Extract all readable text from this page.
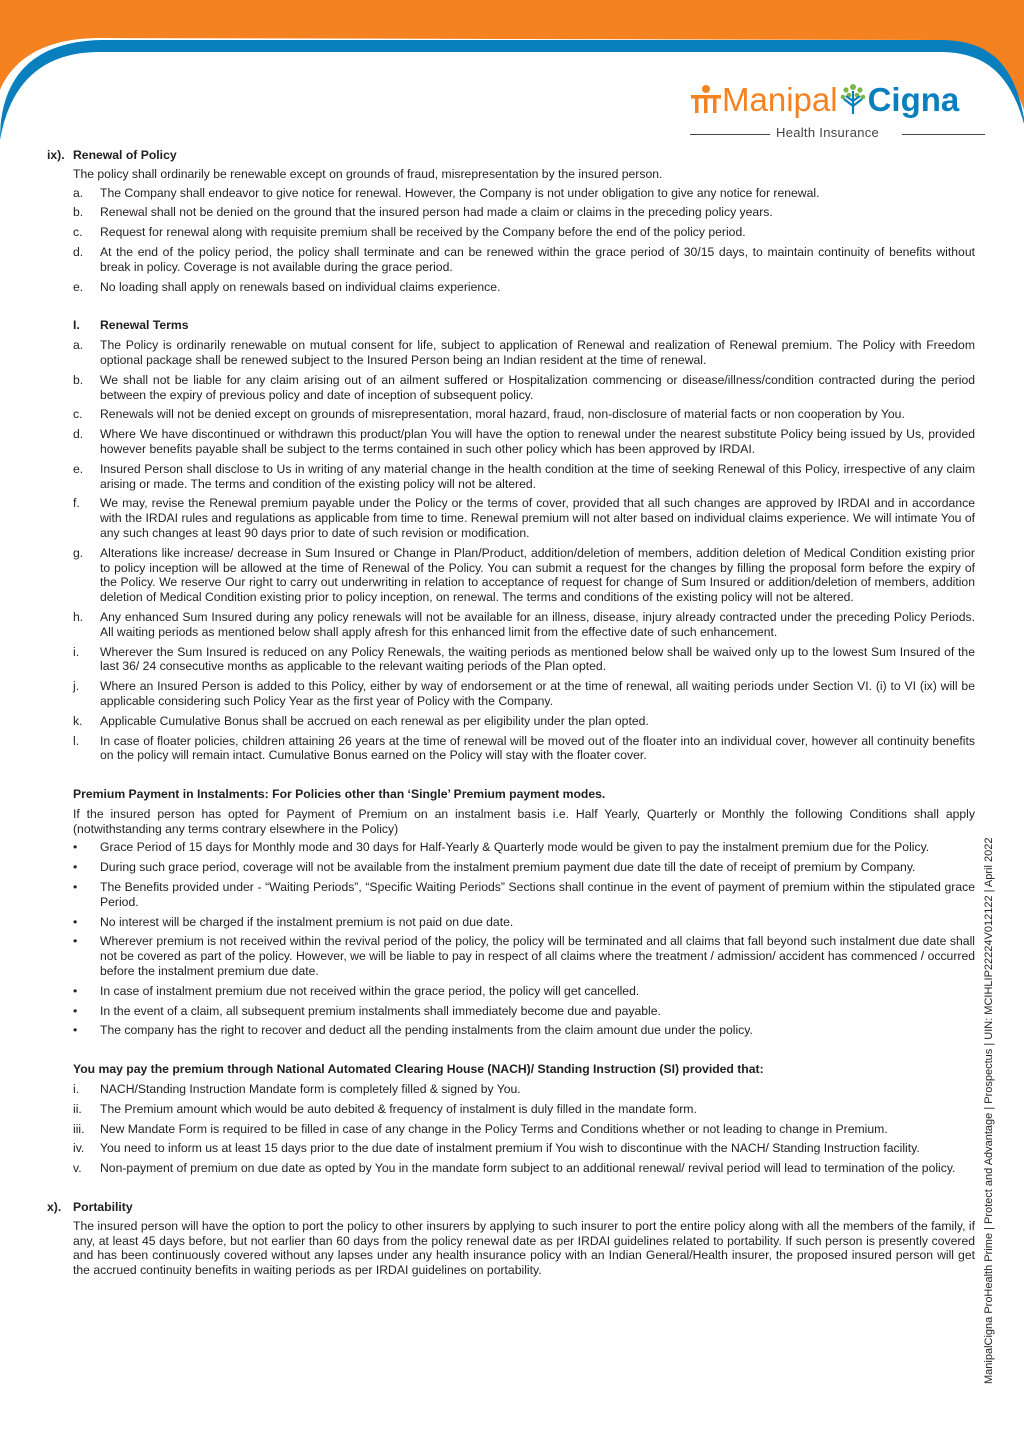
Manipal Cigna
Health Insurance
ix). Renewal of Policy
The policy shall ordinarily be renewable except on grounds of fraud, misrepresentation by the insured person.
a.	The Company shall endeavor to give notice for renewal. However, the Company is not under obligation to give any notice for renewal.
b.	Renewal shall not be denied on the ground that the insured person had made a claim or claims in the preceding policy years.
c.	Request for renewal along with requisite premium shall be received by the Company before the end of the policy period.
d.	At the end of the policy period, the policy shall terminate and can be renewed within the grace period of 30/15 days, to maintain continuity of benefits without break in policy. Coverage is not available during the grace period.
e.	No loading shall apply on renewals based on individual claims experience.
I.	Renewal Terms
a.	The Policy is ordinarily renewable on mutual consent for life, subject to application of Renewal and realization of Renewal premium. The Policy with Freedom optional package shall be renewed subject to the Insured Person being an Indian resident at the time of renewal.
b.	We shall not be liable for any claim arising out of an ailment suffered or Hospitalization commencing or disease/illness/condition contracted during the period between the expiry of previous policy and date of inception of subsequent policy.
c.	Renewals will not be denied except on grounds of misrepresentation, moral hazard, fraud, non-disclosure of material facts or non cooperation by You.
d.	Where We have discontinued or withdrawn this product/plan You will have the option to renewal under the nearest substitute Policy being issued by Us, provided however benefits payable shall be subject to the terms contained in such other policy which has been approved by IRDAI.
e.	Insured Person shall disclose to Us in writing of any material change in the health condition at the time of seeking Renewal of this Policy, irrespective of any claim arising or made. The terms and condition of the existing policy will not be altered.
f.	We may, revise the Renewal premium payable under the Policy or the terms of cover, provided that all such changes are approved by IRDAI and in accordance with the IRDAI rules and regulations as applicable from time to time. Renewal premium will not alter based on individual claims experience. We will intimate You of any such changes at least 90 days prior to date of such revision or modification.
g.	Alterations like increase/ decrease in Sum Insured or Change in Plan/Product, addition/deletion of members, addition deletion of Medical Condition existing prior to policy inception will be allowed at the time of Renewal of the Policy. You can submit a request for the changes by filling the proposal form before the expiry of the Policy. We reserve Our right to carry out underwriting in relation to acceptance of request for change of Sum Insured or addition/deletion of members, addition deletion of Medical Condition existing prior to policy inception, on renewal. The terms and conditions of the existing policy will not be altered.
h.	Any enhanced Sum Insured during any policy renewals will not be available for an illness, disease, injury already contracted under the preceding Policy Periods. All waiting periods as mentioned below shall apply afresh for this enhanced limit from the effective date of such enhancement.
i.	Wherever the Sum Insured is reduced on any Policy Renewals, the waiting periods as mentioned below shall be waived only up to the lowest Sum Insured of the last 36/ 24 consecutive months as applicable to the relevant waiting periods of the Plan opted.
j.	Where an Insured Person is added to this Policy, either by way of endorsement or at the time of renewal, all waiting periods under Section VI. (i) to VI (ix) will be applicable considering such Policy Year as the first year of Policy with the Company.
k.	Applicable Cumulative Bonus shall be accrued on each renewal as per eligibility under the plan opted.
l.	In case of floater policies, children attaining 26 years at the time of renewal will be moved out of the floater into an individual cover, however all continuity benefits on the policy will remain intact. Cumulative Bonus earned on the Policy will stay with the floater cover.
Premium Payment in Instalments: For Policies other than ‘Single’ Premium payment modes.
If the insured person has opted for Payment of Premium on an instalment basis i.e. Half Yearly, Quarterly or Monthly the following Conditions shall apply (notwithstanding any terms contrary elsewhere in the Policy)
•	Grace Period of 15 days for Monthly mode and 30 days for Half-Yearly & Quarterly mode would be given to pay the instalment premium due for the Policy.
•	During such grace period, coverage will not be available from the instalment premium payment due date till the date of receipt of premium by Company.
•	The Benefits provided under - “Waiting Periods”, “Specific Waiting Periods” Sections shall continue in the event of payment of premium within the stipulated grace Period.
•	No interest will be charged if the instalment premium is not paid on due date.
•	Wherever premium is not received within the revival period of the policy, the policy will be terminated and all claims that fall beyond such instalment due date shall not be covered as part of the policy. However, we will be liable to pay in respect of all claims where the treatment / admission/ accident has commenced / occurred before the instalment premium due date.
•	In case of instalment premium due not received within the grace period, the policy will get cancelled.
•	In the event of a claim, all subsequent premium instalments shall immediately become due and payable.
•	The company has the right to recover and deduct all the pending instalments from the claim amount due under the policy.
You may pay the premium through National Automated Clearing House (NACH)/ Standing Instruction (SI) provided that:
i.	NACH/Standing Instruction Mandate form is completely filled & signed by You.
ii.	The Premium amount which would be auto debited & frequency of instalment is duly filled in the mandate form.
iii.	New Mandate Form is required to be filled in case of any change in the Policy Terms and Conditions whether or not leading to change in Premium.
iv.	You need to inform us at least 15 days prior to the due date of instalment premium if You wish to discontinue with the NACH/ Standing Instruction facility.
v.	Non-payment of premium on due date as opted by You in the mandate form subject to an additional renewal/ revival period will lead to termination of the policy.
x). Portability
The insured person will have the option to port the policy to other insurers by applying to such insurer to port the entire policy along with all the members of the family, if any, at least 45 days before, but not earlier than 60 days from the policy renewal date as per IRDAI guidelines related to portability. If such person is presently covered and has been continuously covered without any lapses under any health insurance policy with an Indian General/Health insurer, the proposed insured person will get the accrued continuity benefits in waiting periods as per IRDAI guidelines on portability.	ManipalCigna ProHealth Prime | Protect and Advantage | Prospectus | UIN: MCIHLIP22224V012122 | April 2022
